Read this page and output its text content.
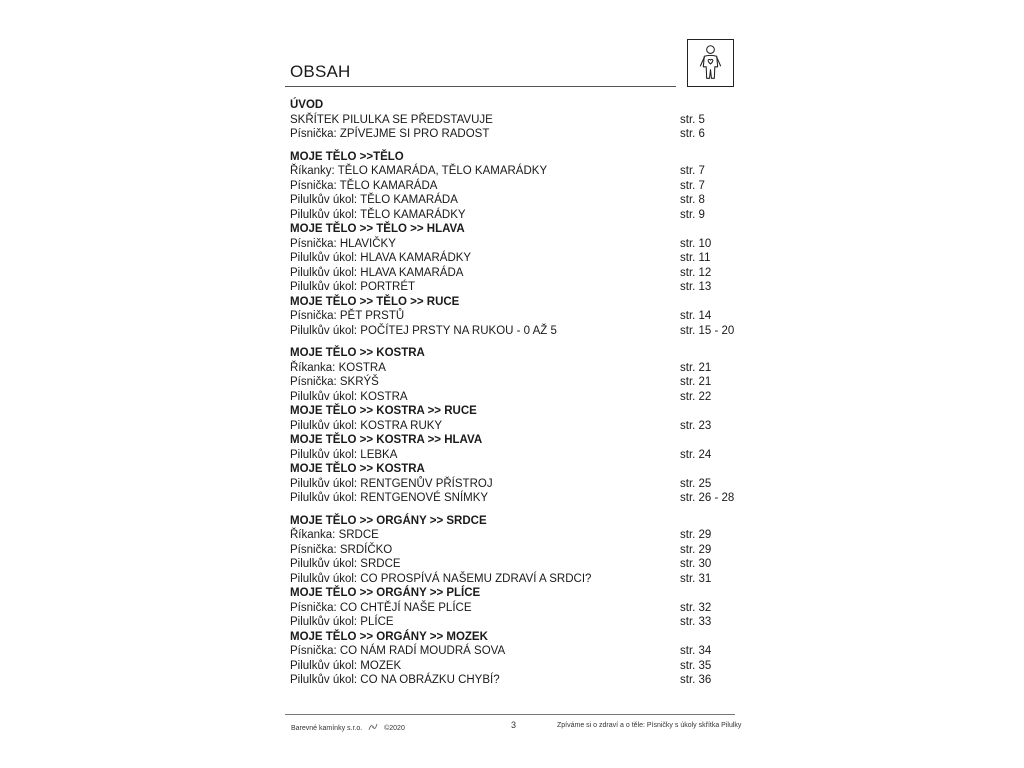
OBSAH
ÚVOD
SKŘÍTEK PILULKA SE PŘEDSTAVUJE	str. 5
Písnička: ZPÍVEJME SI PRO RADOST	str. 6
MOJE TĚLO >>TĚLO
Říkanky: TĚLO KAMARÁDA, TĚLO KAMARÁDKY	str. 7
Písnička: TĚLO KAMARÁDA	str. 7
Pilulkův úkol: TĚLO KAMARÁDA	str. 8
Pilulkův úkol: TĚLO KAMARÁDKY	str. 9
MOJE TĚLO >> TĚLO >> HLAVA
Písnička: HLAVIČKY	str. 10
Pilulkův úkol: HLAVA KAMARÁDKY	str. 11
Pilulkův úkol: HLAVA KAMARÁDA	str. 12
Pilulkův úkol: PORTRÉT	str. 13
MOJE TĚLO >> TĚLO >> RUCE
Písnička: PĚT PRSTŮ	str. 14
Pilulkův úkol: POČÍTEJ PRSTY NA RUKOU - 0 AŽ 5	str. 15 - 20
MOJE TĚLO >> KOSTRA
Říkanka: KOSTRA	str. 21
Písnička: SKRÝŠ	str. 21
Pilulkův úkol: KOSTRA	str. 22
MOJE TĚLO >> KOSTRA >> RUCE
Pilulkův úkol: KOSTRA RUKY	str. 23
MOJE TĚLO >> KOSTRA >> HLAVA
Pilulkův úkol: LEBKA	str. 24
MOJE TĚLO >> KOSTRA
Pilulkův úkol: RENTGENŮV PŘÍSTROJ	str. 25
Pilulkův úkol: RENTGENOVÉ SNÍMKY	str. 26 - 28
MOJE TĚLO >> ORGÁNY >> SRDCE
Říkanka: SRDCE	str. 29
Písnička: SRDÍČKO	str. 29
Pilulkův úkol: SRDCE	str. 30
Pilulkův úkol: CO PROSPÍVÁ NAŠEMU ZDRAVÍ A SRDCI?	str. 31
MOJE TĚLO >> ORGÁNY >> PLÍCE
Písnička: CO CHTĚJÍ NAŠE PLÍCE	str. 32
Pilulkův úkol: PLÍCE	str. 33
MOJE TĚLO >> ORGÁNY >> MOZEK
Písnička: CO NÁM RADÍ MOUDRÁ SOVA	str. 34
Pilulkův úkol: MOZEK	str. 35
Pilulkův úkol: CO NA OBRÁZKU CHYBÍ?	str. 36
Barevné kamínky s.r.o.	©2020	3	Zpíváme si o zdraví a o těle: Písničky s úkoly skřítka Pilulky
